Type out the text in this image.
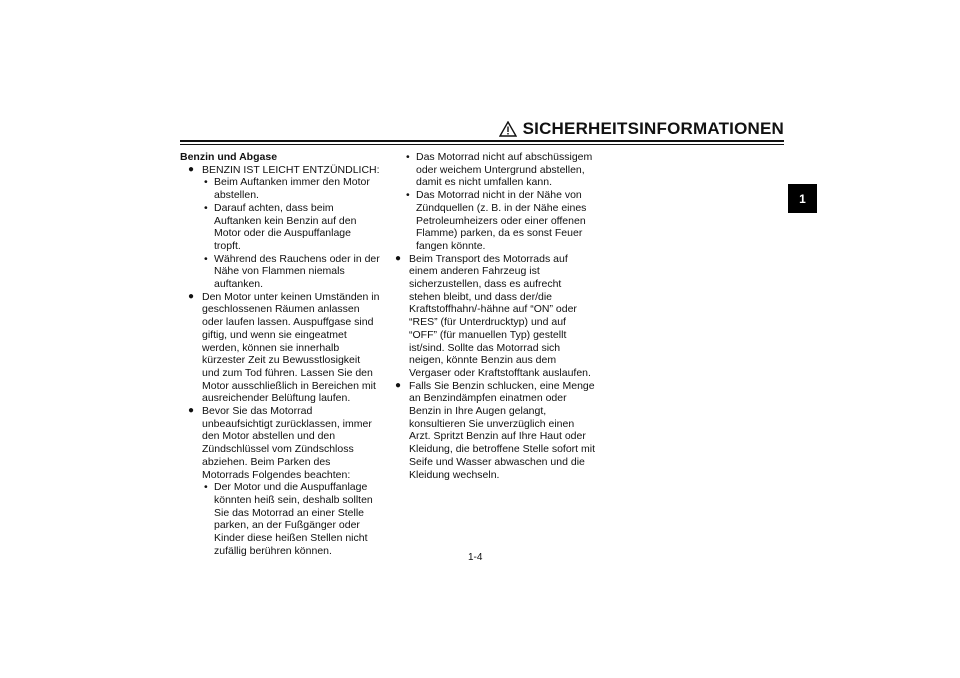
SICHERHEITSINFORMATIONEN
1

Benzin und Abgase

● BENZIN IST LEICHT ENTZÜNDLICH:
• Beim Auftanken immer den Motor abstellen.
• Darauf achten, dass beim Auftanken kein Benzin auf den Motor oder die Auspuffanlage tropft.
• Während des Rauchens oder in der Nähe von Flammen niemals auftanken.
● Den Motor unter keinen Umständen in geschlossenen Räumen anlassen oder laufen lassen. Auspuffgase sind giftig, und wenn sie eingeatmet werden, können sie innerhalb kürzester Zeit zu Bewusstlosigkeit und zum Tod führen. Lassen Sie den Motor ausschließlich in Bereichen mit ausreichender Belüftung laufen.
● Bevor Sie das Motorrad unbeaufsichtigt zurücklassen, immer den Motor abstellen und den Zündschlüssel vom Zündschloss abziehen. Beim Parken des Motorrads Folgendes beachten:
• Der Motor und die Auspuffanlage könnten heiß sein, deshalb sollten Sie das Motorrad an einer Stelle parken, an der Fußgänger oder Kinder diese heißen Stellen nicht zufällig berühren können.
• Das Motorrad nicht auf abschüssigem oder weichem Untergrund abstellen, damit es nicht umfallen kann.
• Das Motorrad nicht in der Nähe von Zündquellen (z. B. in der Nähe eines Petroleumheizers oder einer offenen Flamme) parken, da es sonst Feuer fangen könnte.
● Beim Transport des Motorrads auf einem anderen Fahrzeug ist sicherzustellen, dass es aufrecht stehen bleibt, und dass der/die Kraftstoffhahn/-hähne auf “ON” oder “RES” (für Unterdrucktyp) und auf “OFF” (für manuellen Typ) gestellt ist/sind. Sollte das Motorrad sich neigen, könnte Benzin aus dem Vergaser oder Kraftstofftank auslaufen.
● Falls Sie Benzin schlucken, eine Menge an Benzindämpfen einatmen oder Benzin in Ihre Augen gelangt, konsultieren Sie unverzüglich einen Arzt. Spritzt Benzin auf Ihre Haut oder Kleidung, die betroffene Stelle sofort mit Seife und Wasser abwaschen und die Kleidung wechseln.
1-4
